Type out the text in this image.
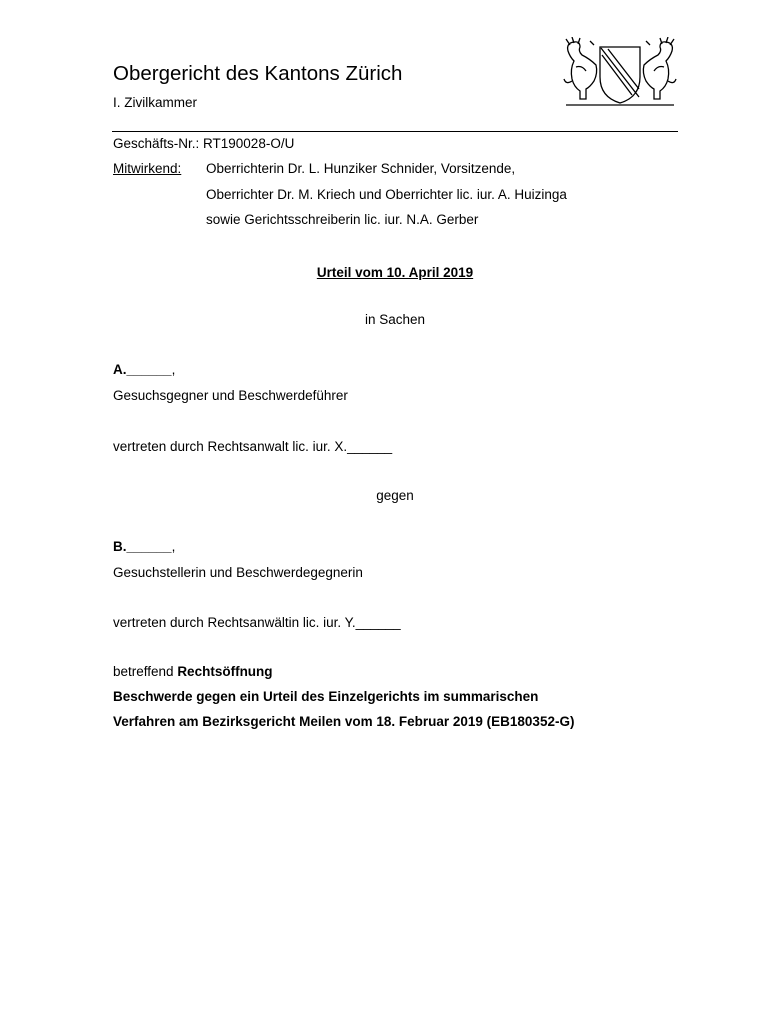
Obergericht des Kantons Zürich
I. Zivilkammer
Geschäfts-Nr.: RT190028-O/U
Mitwirkend: Oberrichterin Dr. L. Hunziker Schnider, Vorsitzende,
Oberrichter Dr. M. Kriech und Oberrichter lic. iur. A. Huizinga
sowie Gerichtsschreiberin lic. iur. N.A. Gerber
Urteil vom 10. April 2019
in Sachen
A.______,
Gesuchsgegner und Beschwerdeführer
vertreten durch Rechtsanwalt lic. iur. X.______
gegen
B.______,
Gesuchstellerin und Beschwerdegegnerin
vertreten durch Rechtsanwältin lic. iur. Y.______
betreffend Rechtsöffnung
Beschwerde gegen ein Urteil des Einzelgerichts im summarischen
Verfahren am Bezirksgericht Meilen vom 18. Februar 2019 (EB180352-G)
